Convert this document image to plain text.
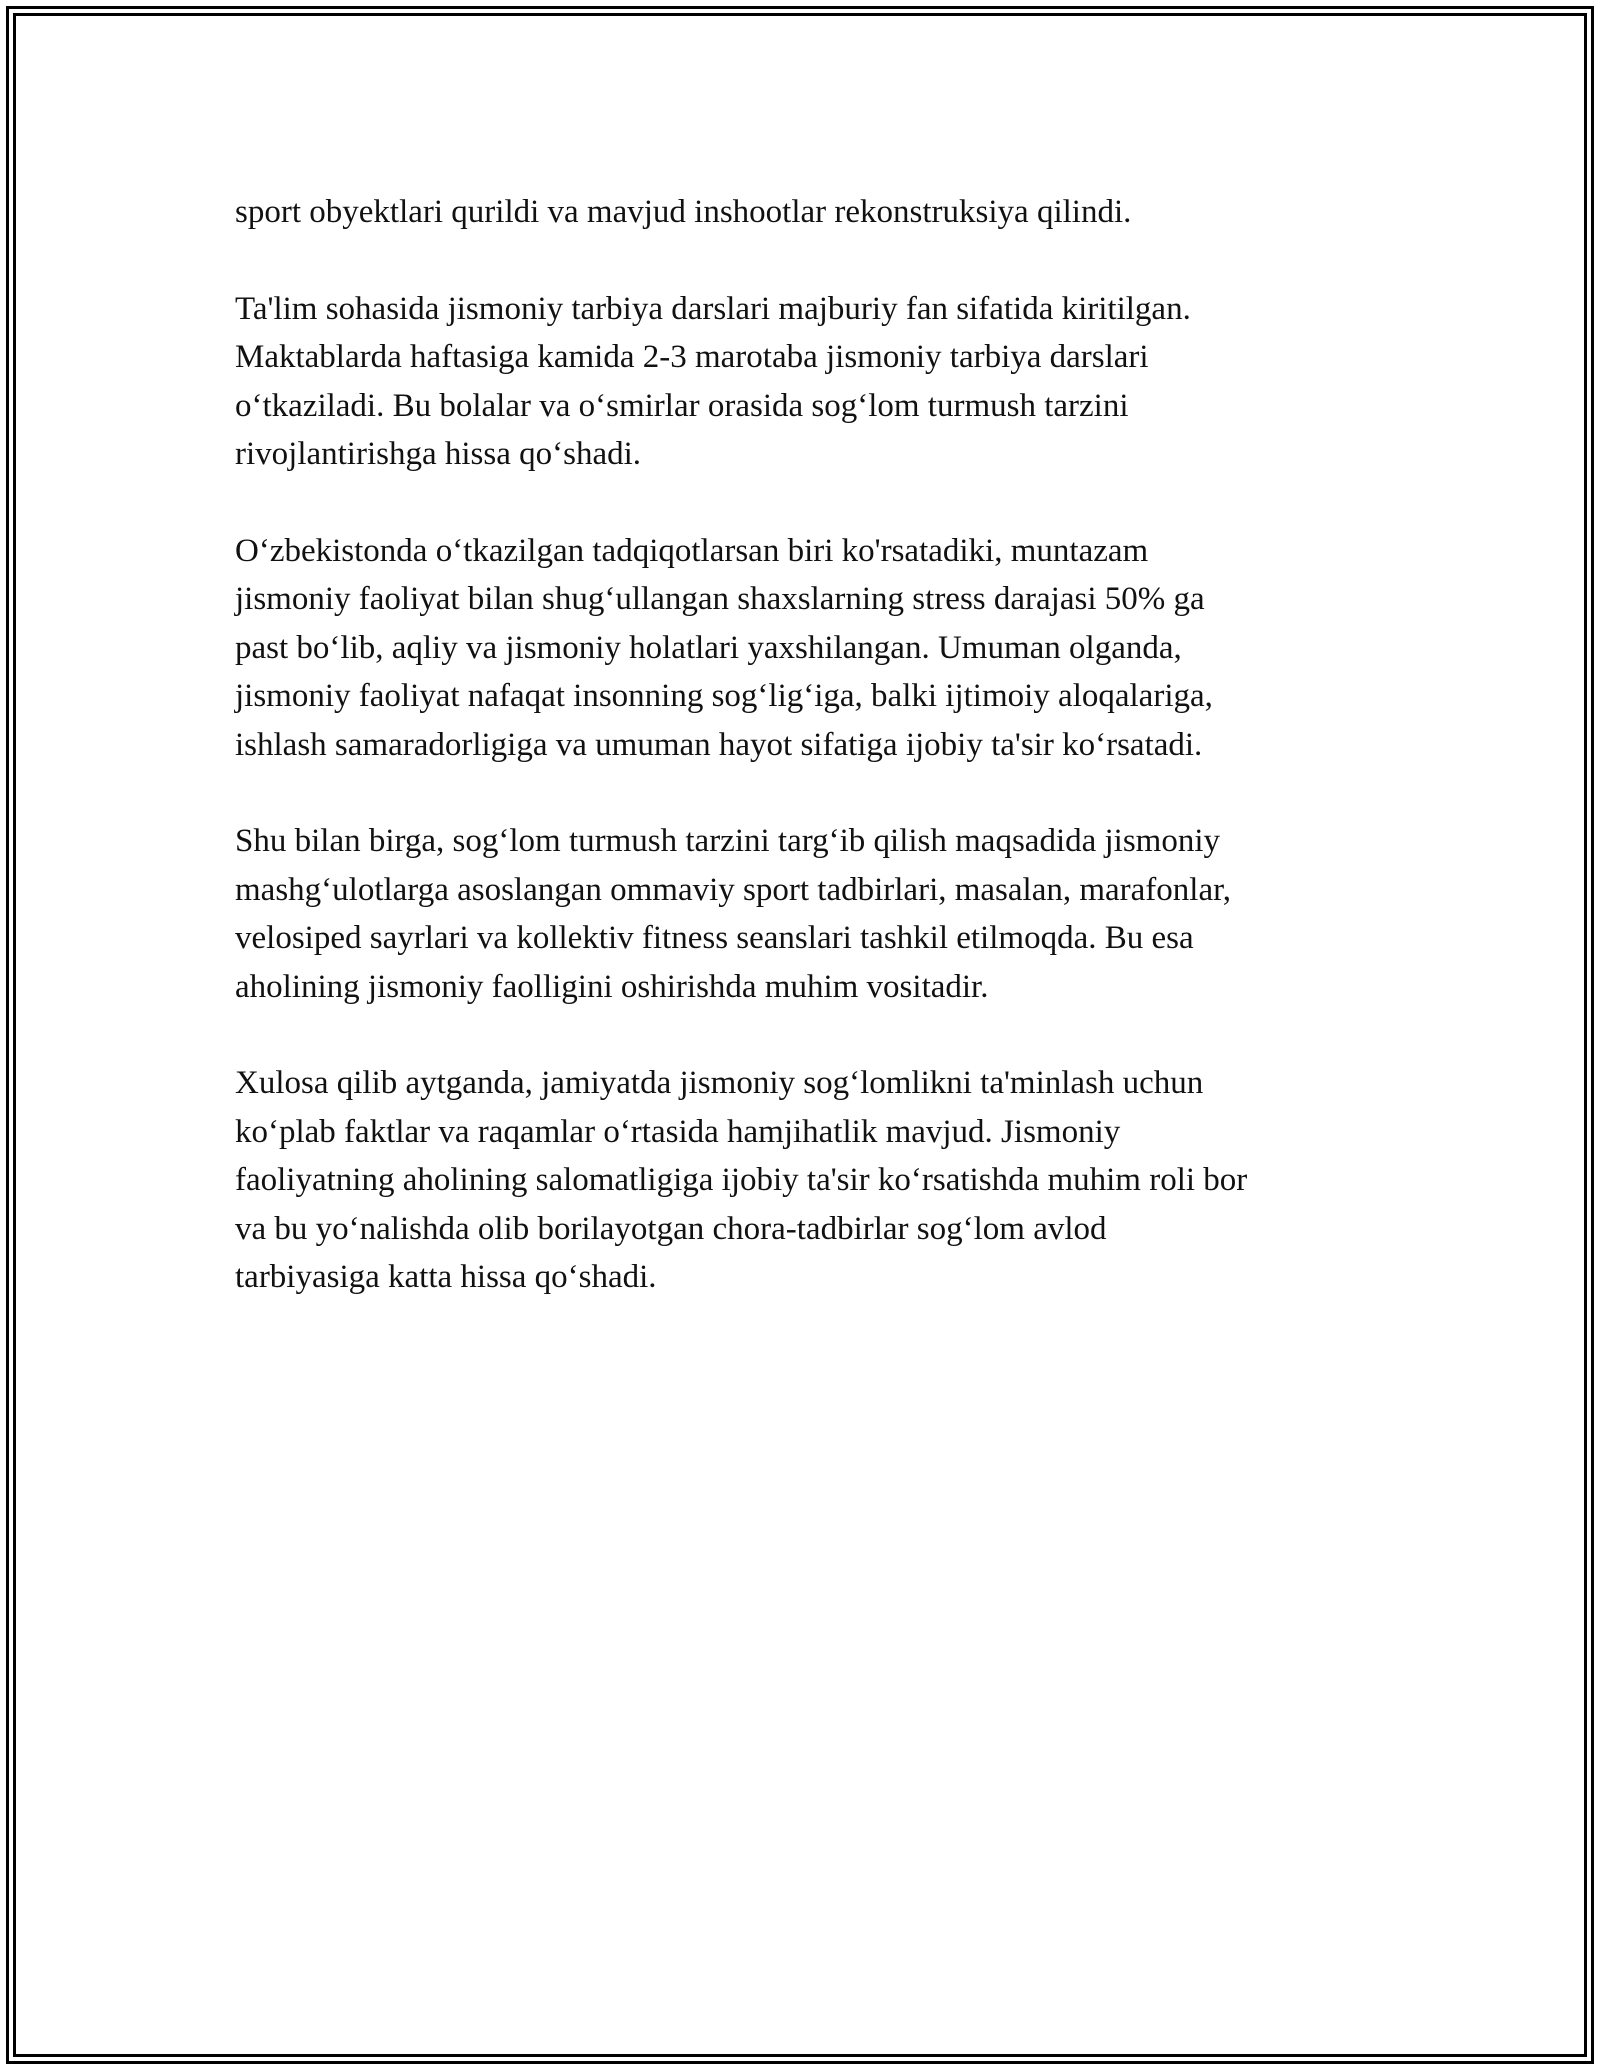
sport obyektlari qurildi va mavjud inshootlar rekonstruksiya qilindi.

Ta'lim sohasida jismoniy tarbiya darslari majburiy fan sifatida kiritilgan.
Maktablarda haftasiga kamida 2-3 marotaba jismoniy tarbiya darslari
oʻtkaziladi. Bu bolalar va oʻsmirlar orasida sogʻlom turmush tarzini
rivojlantirishga hissa qoʻshadi.

Oʻzbekistonda oʻtkazilgan tadqiqotlarsan biri ko'rsatadiki, muntazam
jismoniy faoliyat bilan shugʻullangan shaxslarning stress darajasi 50% ga
past boʻlib, aqliy va jismoniy holatlari yaxshilangan. Umuman olganda,
jismoniy faoliyat nafaqat insonning sogʻligʻiga, balki ijtimoiy aloqalariga,
ishlash samaradorligiga va umuman hayot sifatiga ijobiy ta'sir koʻrsatadi.

Shu bilan birga, sogʻlom turmush tarzini targʻib qilish maqsadida jismoniy
mashgʻulotlarga asoslangan ommaviy sport tadbirlari, masalan, marafonlar,
velosiped sayrlari va kollektiv fitness seanslari tashkil etilmoqda. Bu esa
aholining jismoniy faolligini oshirishda muhim vositadir.

Xulosa qilib aytganda, jamiyatda jismoniy sogʻlomlikni ta'minlash uchun
koʻplab faktlar va raqamlar oʻrtasida hamjihatlik mavjud. Jismoniy
faoliyatning aholining salomatligiga ijobiy ta'sir koʻrsatishda muhim roli bor
va bu yoʻnalishda olib borilayotgan chora-tadbirlar sogʻlom avlod
tarbiyasiga katta hissa qoʻshadi.
